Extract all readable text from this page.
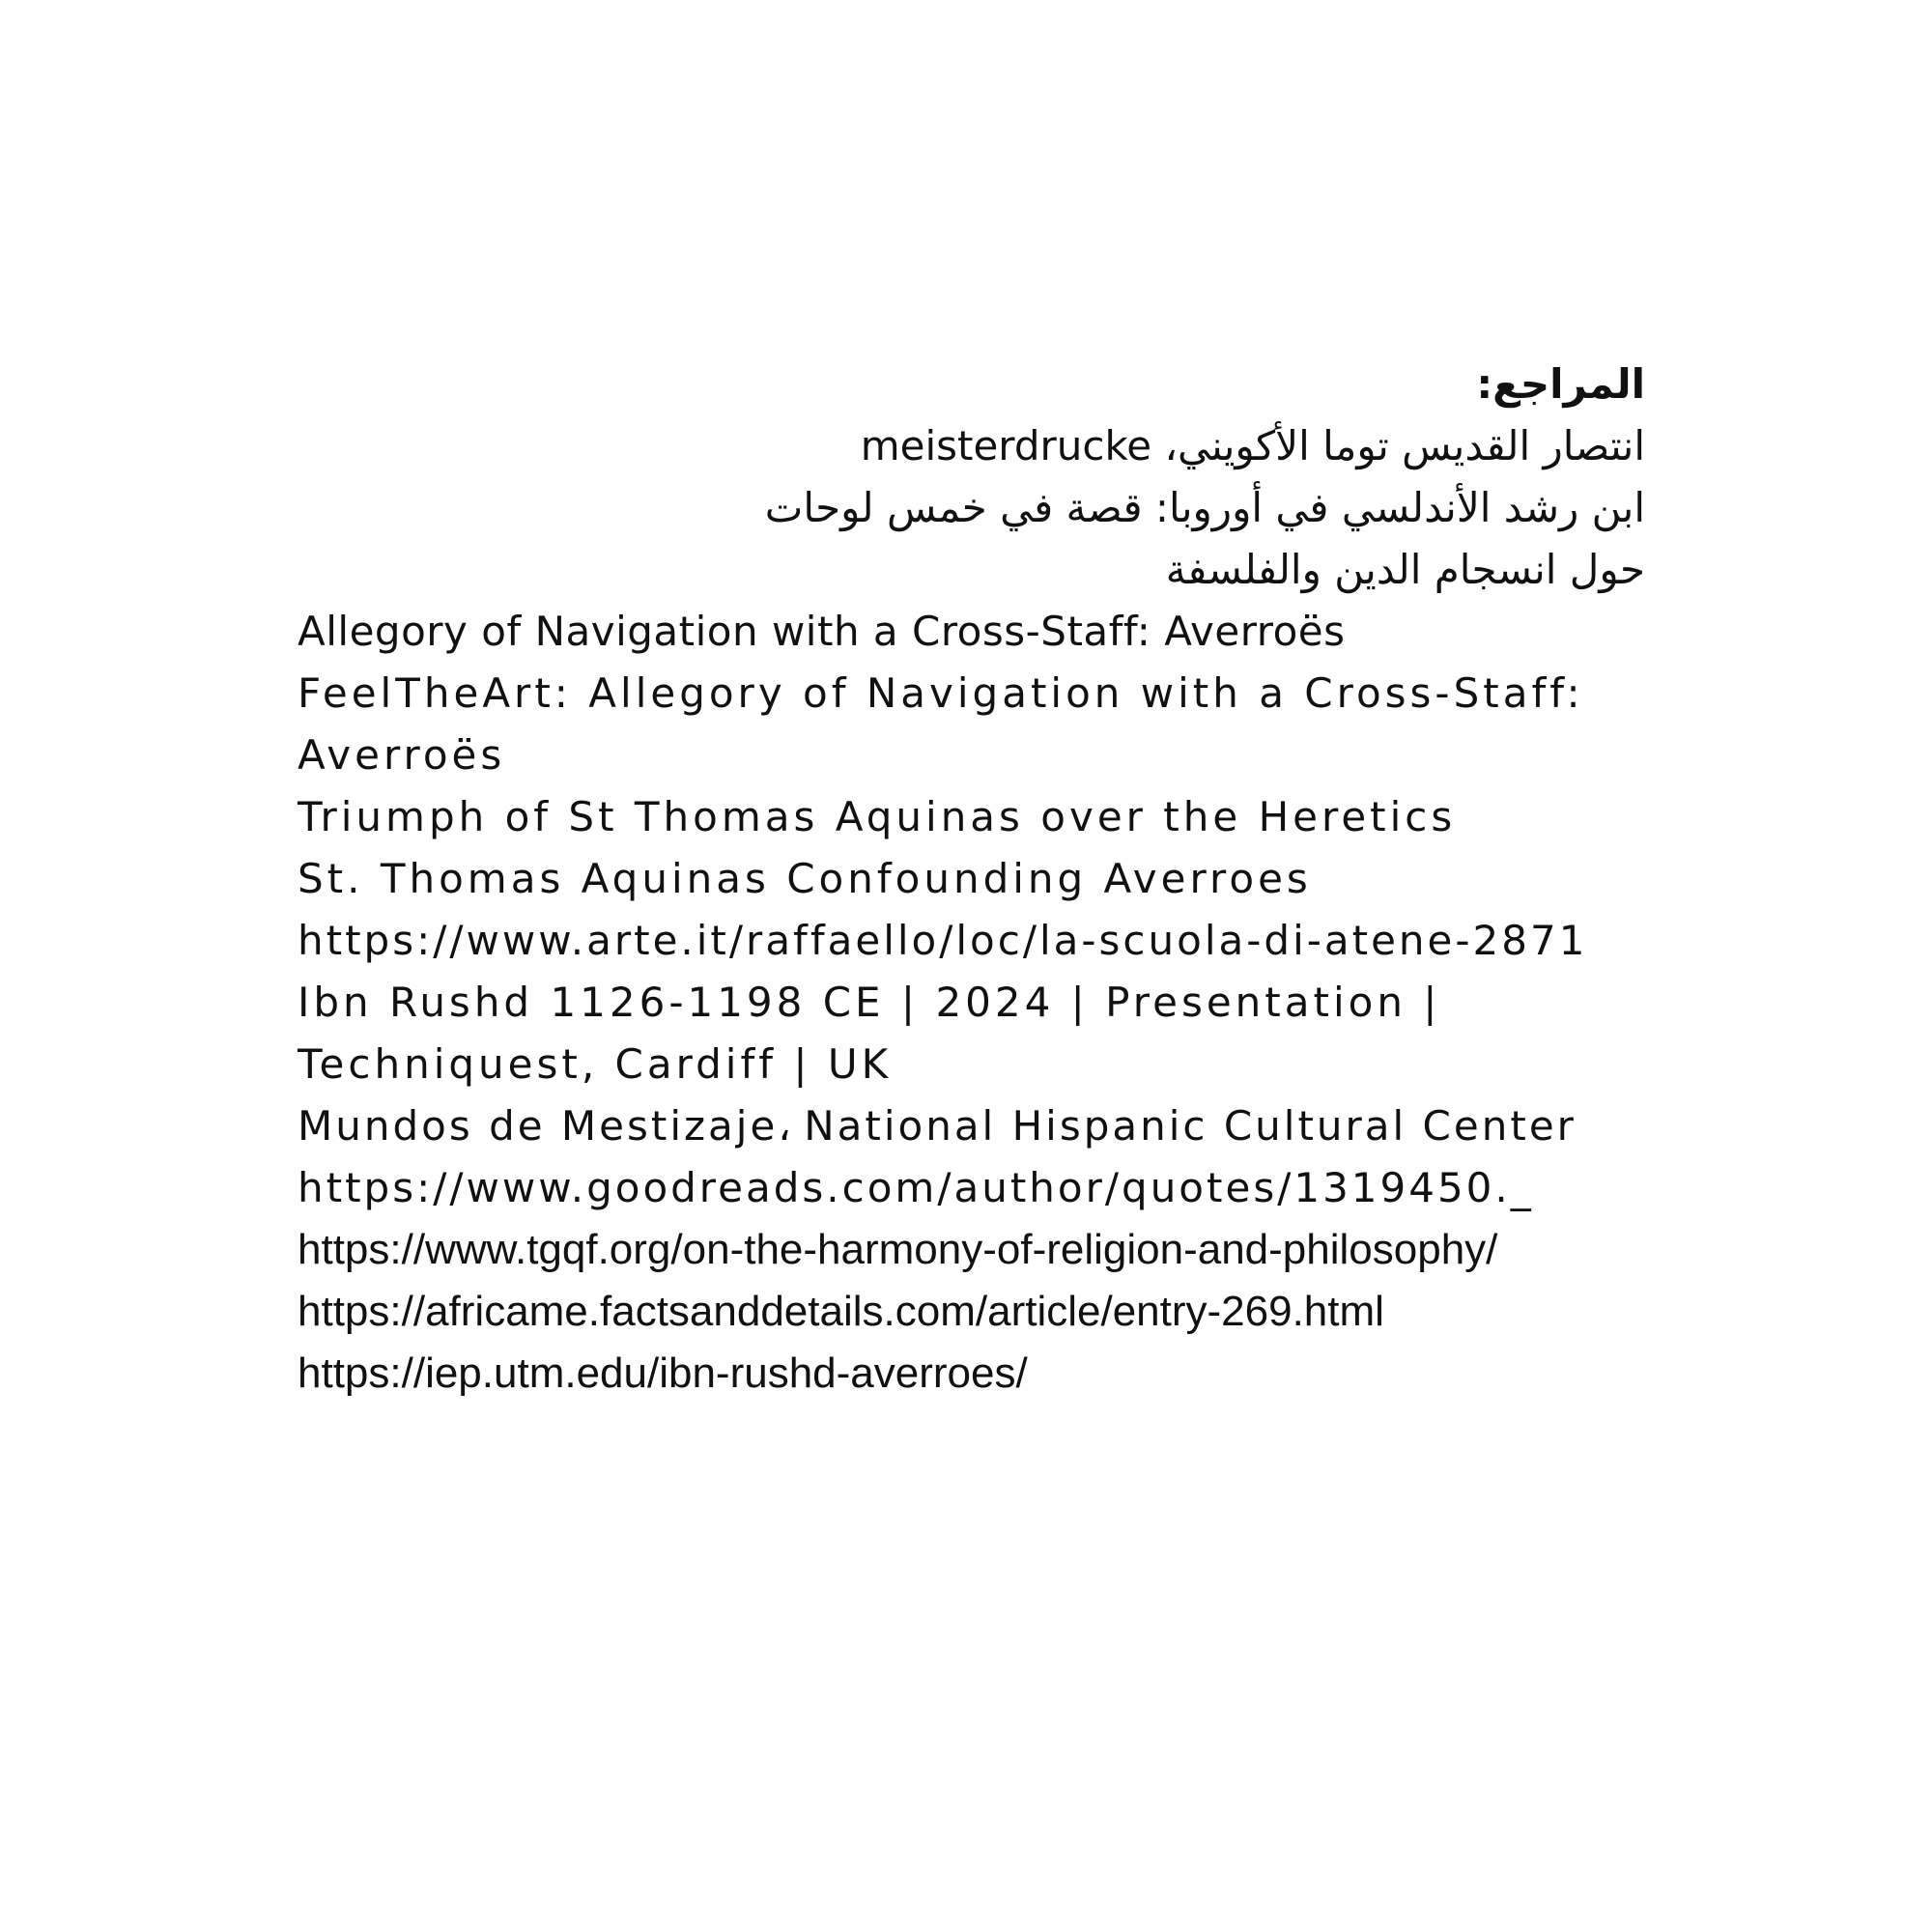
المراجع:
انتصار القديس توما الأكويني، meisterdrucke
ابن رشد الأندلسي في أوروبا: قصة في خمس لوحات
حول انسجام الدين والفلسفة
Allegory of Navigation with a Cross-Staff: Averroës
FeelTheArt: Allegory of Navigation with a Cross-Staff: Averroës
Triumph of St Thomas Aquinas over the Heretics
St. Thomas Aquinas Confounding Averroes
https://www.arte.it/raffaello/loc/la-scuola-di-atene-2871
Ibn Rushd 1126-1198 CE | 2024 | Presentation | Techniquest, Cardiff | UK
Mundos de Mestizaje، National Hispanic Cultural Center
https://www.goodreads.com/author/quotes/1319450._
https://www.tgqf.org/on-the-harmony-of-religion-and-philosophy/
https://africame.factsanddetails.com/article/entry-269.html
https://iep.utm.edu/ibn-rushd-averroes/
